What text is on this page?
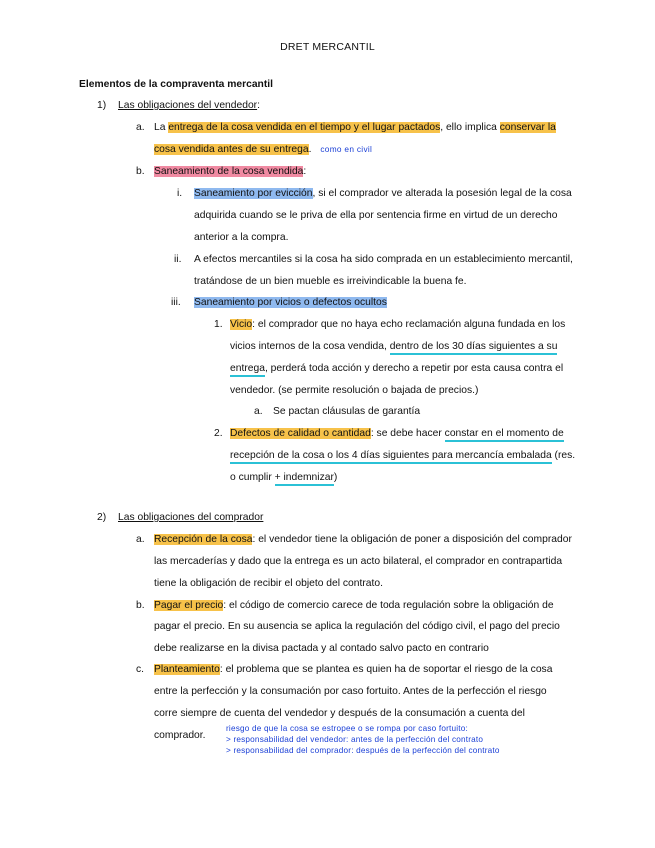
DRET MERCANTIL
Elementos de la compraventa mercantil
1) Las obligaciones del vendedor:
a. La entrega de la cosa vendida en el tiempo y el lugar pactados, ello implica conservar la
cosa vendida antes de su entrega. como en civil
b. Saneamiento de la cosa vendida:
i. Saneamiento por evicción, si el comprador ve alterada la posesión legal de la cosa
adquirida cuando se le priva de ella por sentencia firme en virtud de un derecho
anterior a la compra.
ii. A efectos mercantiles si la cosa ha sido comprada en un establecimiento mercantil,
tratándose de un bien mueble es irreivindicable la buena fe.
iii. Saneamiento por vicios o defectos ocultos
1. Vicio: el comprador que no haya echo reclamación alguna fundada en los
vicios internos de la cosa vendida, dentro de los 30 días siguientes a su
entrega, perderá toda acción y derecho a repetir por esta causa contra el
vendedor. (se permite resolución o bajada de precios.)
a. Se pactan cláusulas de garantía
2. Defectos de calidad o cantidad: se debe hacer constar en el momento de
recepción de la cosa o los 4 días siguientes para mercancía embalada (res.
o cumplir + indemnizar)
2) Las obligaciones del comprador
a. Recepción de la cosa: el vendedor tiene la obligación de poner a disposición del comprador
las mercaderías y dado que la entrega es un acto bilateral, el comprador en contrapartida
tiene la obligación de recibir el objeto del contrato.
b. Pagar el precio: el código de comercio carece de toda regulación sobre la obligación de
pagar el precio. En su ausencia se aplica la regulación del código civil, el pago del precio
debe realizarse en la divisa pactada y al contado salvo pacto en contrario
c. Planteamiento: el problema que se plantea es quien ha de soportar el riesgo de la cosa
entre la perfección y la consumación por caso fortuito. Antes de la perfección el riesgo
corre siempre de cuenta del vendedor y después de la consumación a cuenta del
comprador.
riesgo de que la cosa se estropee o se rompa por caso fortuito:
> responsabilidad del vendedor: antes de la perfección del contrato
> responsabilidad del comprador: después de la perfección del contrato
